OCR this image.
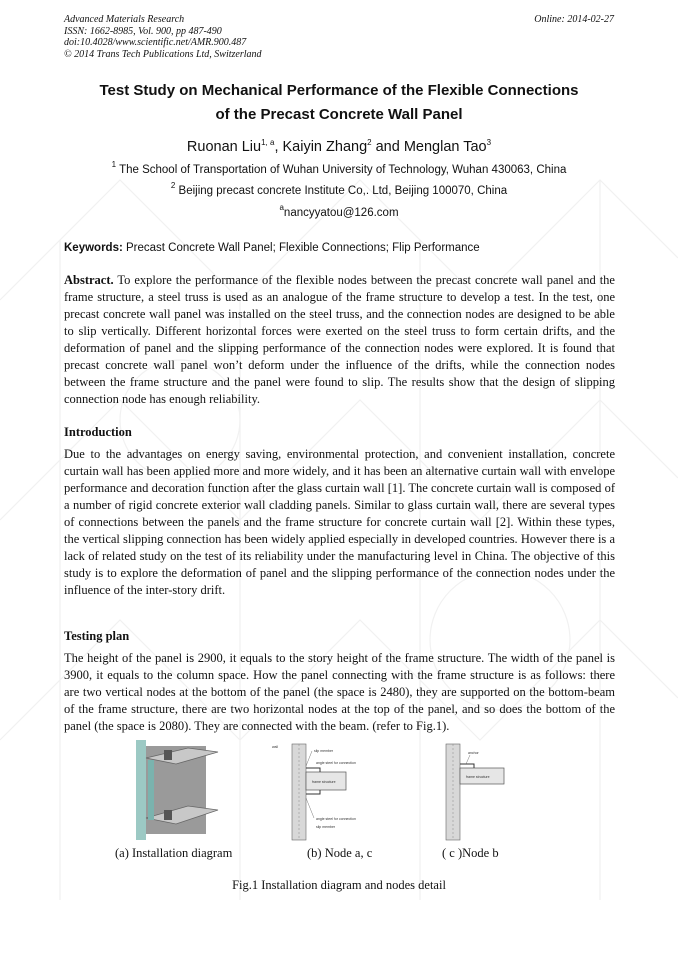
Advanced Materials Research
ISSN: 1662-8985, Vol. 900, pp 487-490
doi:10.4028/www.scientific.net/AMR.900.487
© 2014 Trans Tech Publications Ltd, Switzerland
Online: 2014-02-27
Test Study on Mechanical Performance of the Flexible Connections
of the Precast Concrete Wall Panel
Ruonan Liu$^{1, a}$, Kaiyin Zhang$^2$ and Menglan Tao$^3$
$^1$ The School of Transportation of Wuhan University of Technology, Wuhan 430063, China
$^2$ Beijing precast concrete Institute Co,. Ltd, Beijing 100070, China
$^a$nancyyatou@126.com
Keywords: Precast Concrete Wall Panel; Flexible Connections; Flip Performance

Abstract. To explore the performance of the flexible nodes between the precast concrete wall panel and the frame structure, a steel truss is used as an analogue of the frame structure to develop a test. In the test, one precast concrete wall panel was installed on the steel truss, and the connection nodes are designed to be able to slip vertically. Different horizontal forces were exerted on the steel truss to form certain drifts, and the deformation of panel and the slipping performance of the connection nodes were explored. It is found that precast concrete wall panel won’t deform under the influence of the drifts, while the connection nodes between the frame structure and the panel were found to slip. The results show that the design of slipping connection node has enough reliability.

Introduction

Due to the advantages on energy saving, environmental protection, and convenient installation, concrete curtain wall has been applied more and more widely, and it has been an alternative curtain wall with envelope performance and decoration function after the glass curtain wall [1]. The concrete curtain wall is composed of a number of rigid concrete exterior wall cladding panels. Similar to glass curtain wall, there are several types of connections between the panels and the frame structure for concrete curtain wall [2]. Within these types, the vertical slipping connection has been widely applied especially in developed countries. However there is a lack of related study on the test of its reliability under the manufacturing level in China. The objective of this study is to explore the deformation of panel and the slipping performance of the connection nodes under the influence of the inter-story drift.

Testing plan

The height of the panel is 2900, it equals to the story height of the frame structure. The width of the panel is 3900, it equals to the column space. How the panel connecting with the frame structure is as follows: there are two vertical nodes at the bottom of the panel (the space is 2480), they are supported on the bottom-beam of the frame structure, there are two horizontal nodes at the top of the panel, and so does the bottom of the panel (the space is 2080). They are connected with the beam. (refer to Fig.1).

wall
slip member
angle steel for connection
frame structure
angle steel for connection
slip member
anchor
frame structure
(a) Installation diagram	(b) Node a, c	( c )Node b
Fig.1 Installation diagram and nodes detail
